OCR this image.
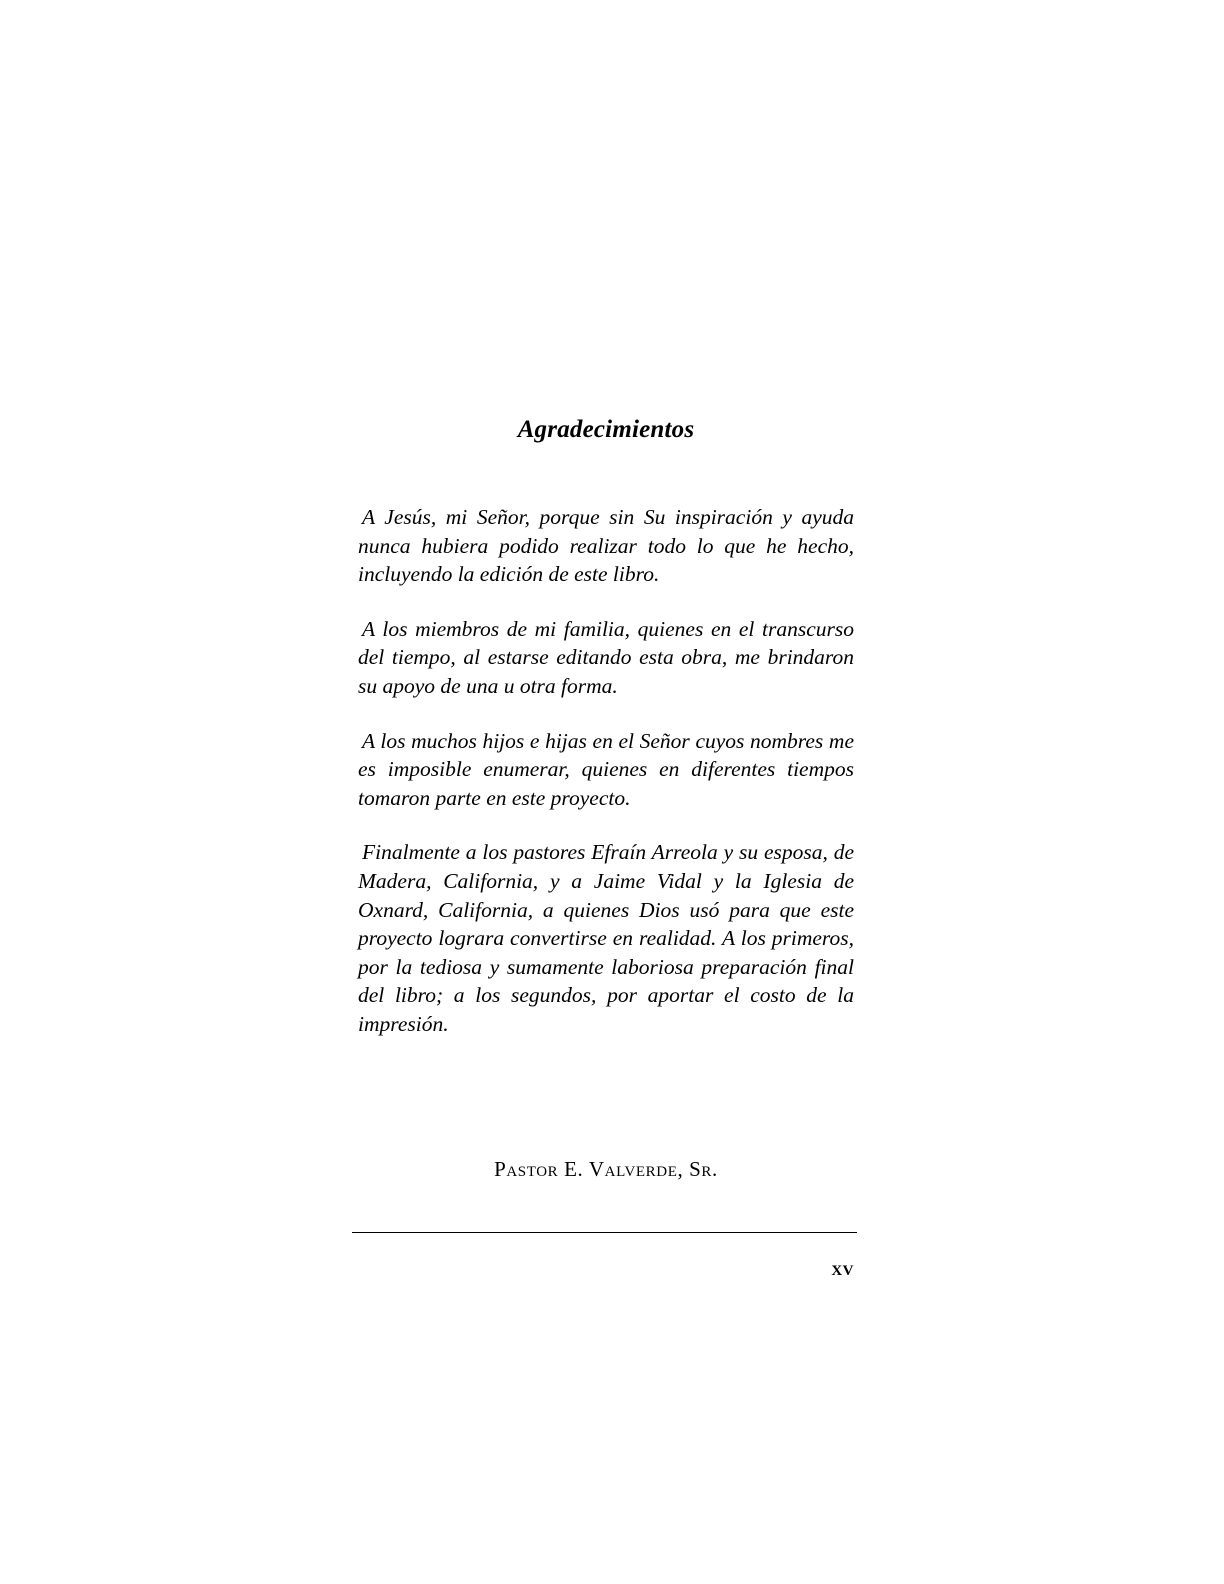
Agradecimientos

A Jesús, mi Señor, porque sin Su inspiración y ayuda nunca hubiera podido realizar todo lo que he hecho, incluyendo la edición de este libro.

A los miembros de mi familia, quienes en el transcurso del tiempo, al estarse editando esta obra, me brindaron su apoyo de una u otra forma.

A los muchos hijos e hijas en el Señor cuyos nombres me es imposible enumerar, quienes en diferentes tiempos tomaron parte en este proyecto.

Finalmente a los pastores Efraín Arreola y su esposa, de Madera, California, y a Jaime Vidal y la Iglesia de Oxnard, California, a quienes Dios usó para que este proyecto lograra convertirse en realidad. A los primeros, por la tediosa y sumamente laboriosa preparación final del libro; a los segundos, por aportar el costo de la impresión.

Pastor E. Valverde, Sr.
xv
